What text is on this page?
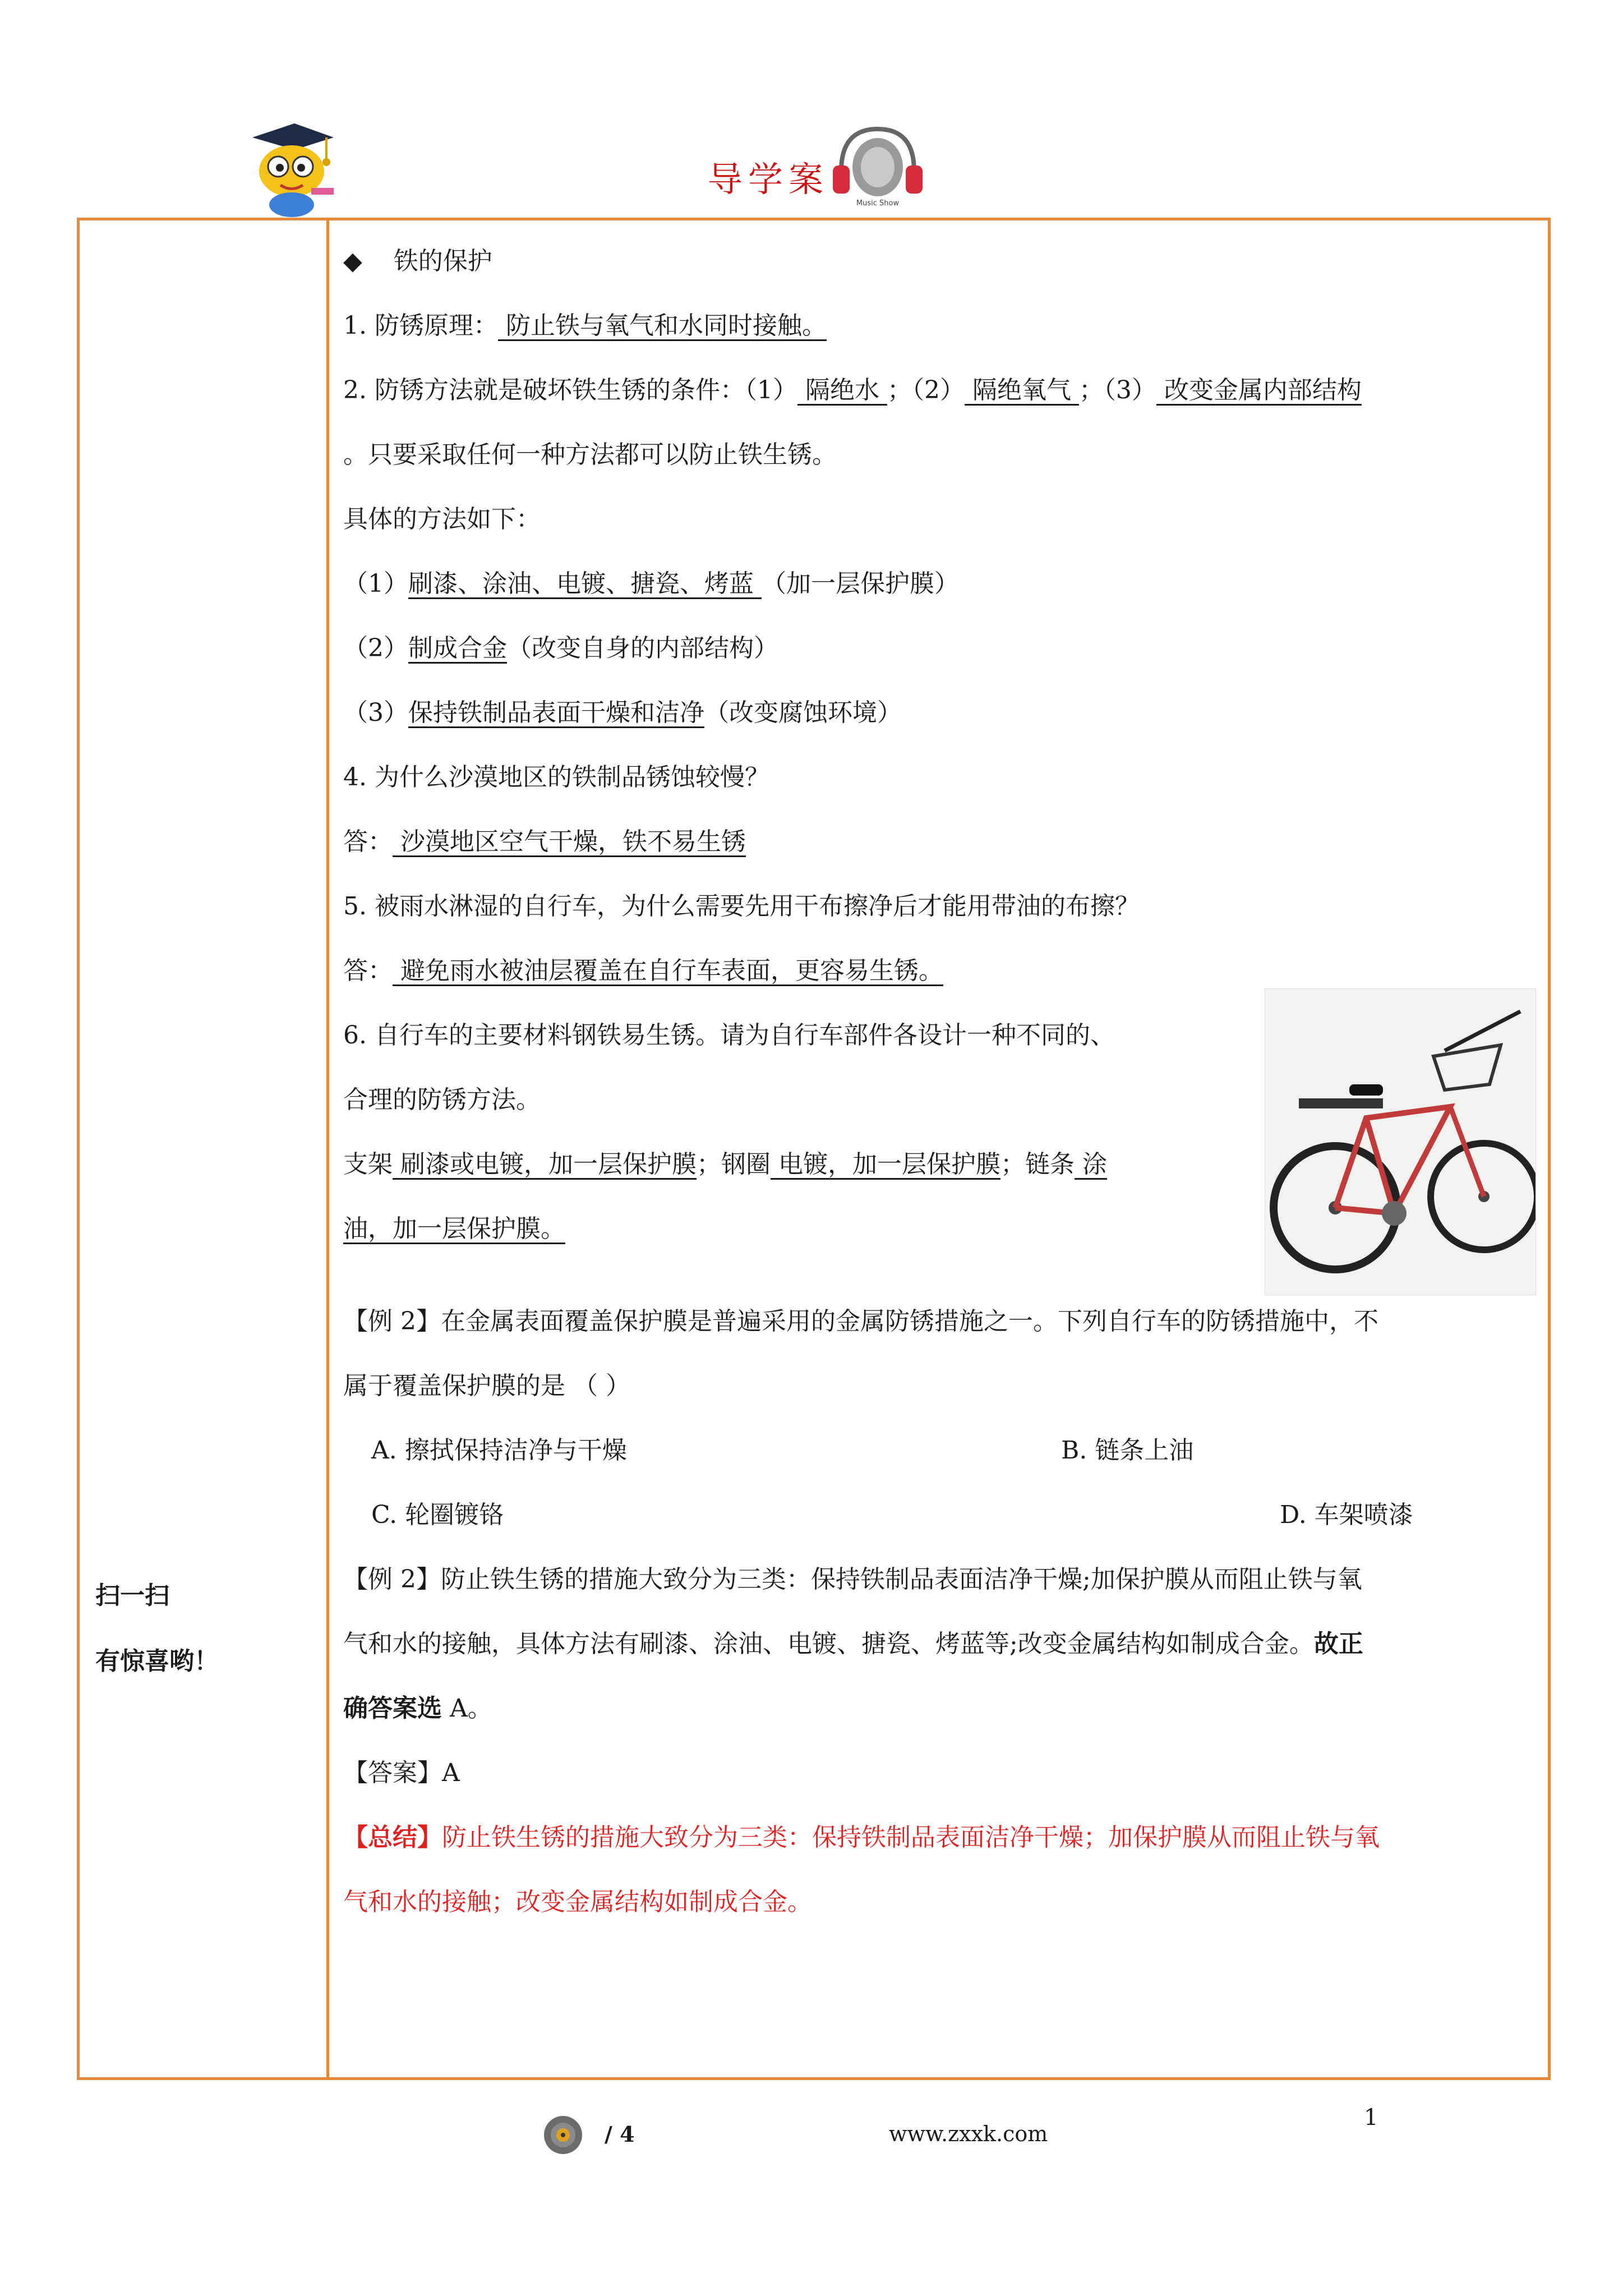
导学案
Music Show
扫一扫
有惊喜哟！
◆ 铁的保护
1. 防锈原理： 防止铁与氧气和水同时接触。
2. 防锈方法就是破坏铁生锈的条件：（1） 隔绝水 ；（2） 隔绝氧气 ；（3） 改变金属内部结构
。只要采取任何一种方法都可以防止铁生锈。
具体的方法如下：
（1）刷漆、涂油、电镀、搪瓷、烤蓝 （加一层保护膜）
（2）制成合金（改变自身的内部结构）
（3）保持铁制品表面干燥和洁净（改变腐蚀环境）
4. 为什么沙漠地区的铁制品锈蚀较慢？
答： 沙漠地区空气干燥，铁不易生锈
5. 被雨水淋湿的自行车，为什么需要先用干布擦净后才能用带油的布擦？
答： 避免雨水被油层覆盖在自行车表面，更容易生锈。
6. 自行车的主要材料钢铁易生锈。请为自行车部件各设计一种不同的、
合理的防锈方法。
支架 刷漆或电镀，加一层保护膜；钢圈 电镀，加一层保护膜；链条 涂
油，加一层保护膜。
【例 2】在金属表面覆盖保护膜是普遍采用的金属防锈措施之一。下列自行车的防锈措施中，不
属于覆盖保护膜的是 （ ）
A. 擦拭保持洁净与干燥	B. 链条上油
C. 轮圈镀铬	D. 车架喷漆
【例 2】防止铁生锈的措施大致分为三类：保持铁制品表面洁净干燥;加保护膜从而阻止铁与氧
气和水的接触，具体方法有刷漆、涂油、电镀、搪瓷、烤蓝等;改变金属结构如制成合金。故正
确答案选 A。
【答案】A
【总结】防止铁生锈的措施大致分为三类：保持铁制品表面洁净干燥；加保护膜从而阻止铁与氧
气和水的接触；改变金属结构如制成合金。
/ 4	www.zxxk.com
1
